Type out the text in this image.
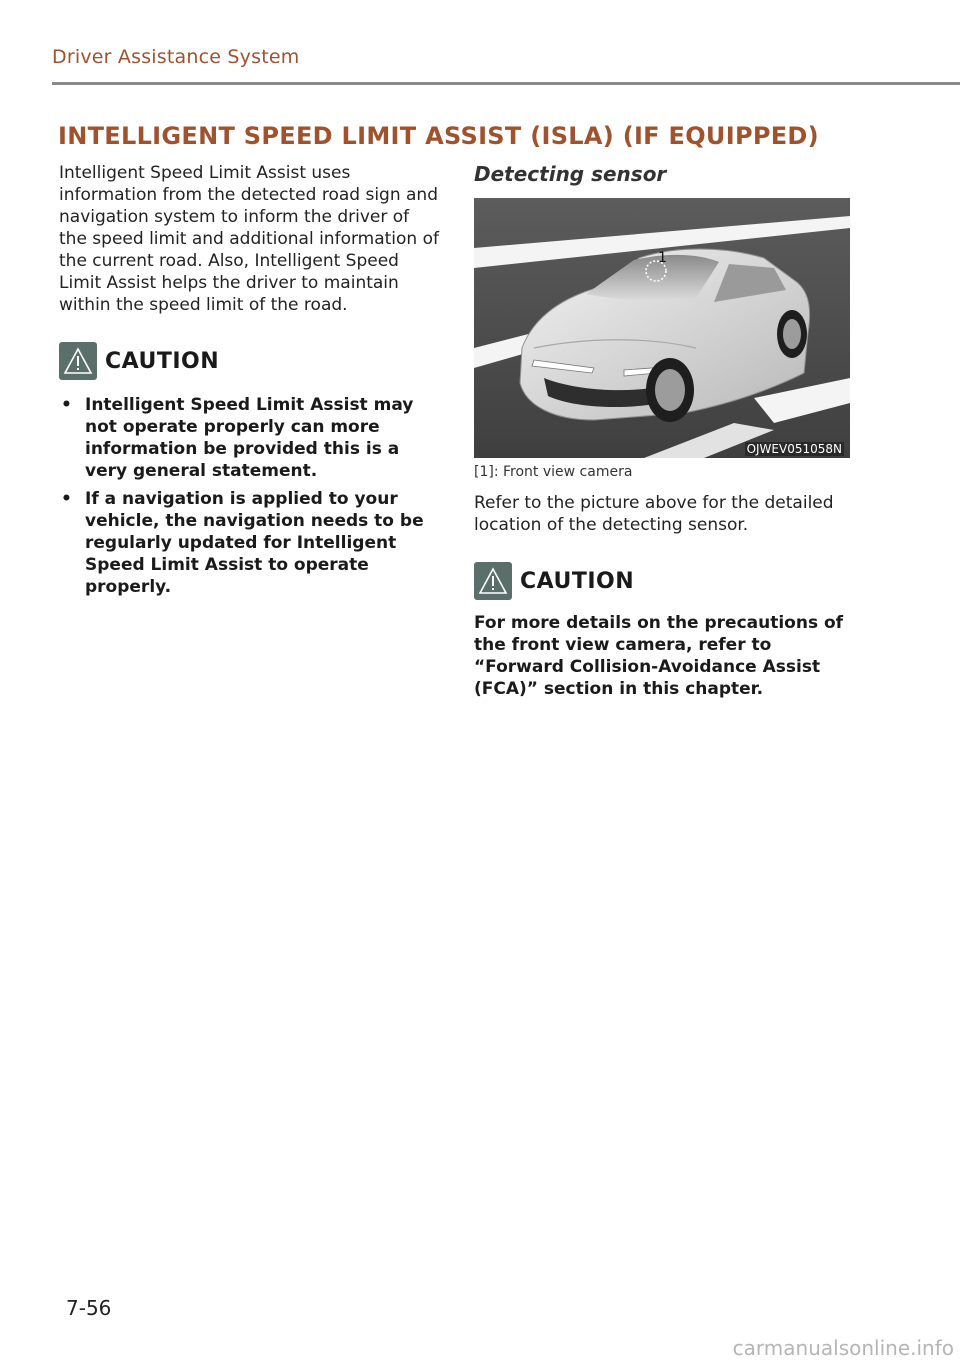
Driver Assistance System
INTELLIGENT SPEED LIMIT ASSIST (ISLA) (IF EQUIPPED)

Intelligent Speed Limit Assist uses information from the detected road sign and navigation system to inform the driver of the speed limit and additional information of the current road. Also, Intelligent Speed Limit Assist helps the driver to maintain within the speed limit of the road.

CAUTION
• Intelligent Speed Limit Assist may not operate properly can more information be provided this is a very general statement.
• If a navigation is applied to your vehicle, the navigation needs to be regularly updated for Intelligent Speed Limit Assist to operate properly.

Detecting sensor

1
OJWEV051058N

[1]: Front view camera

Refer to the picture above for the detailed location of the detecting sensor.

CAUTION

For more details on the precautions of the front view camera, refer to “Forward Collision-Avoidance Assist (FCA)” section in this chapter.

7-56
carmanualsonline.info
